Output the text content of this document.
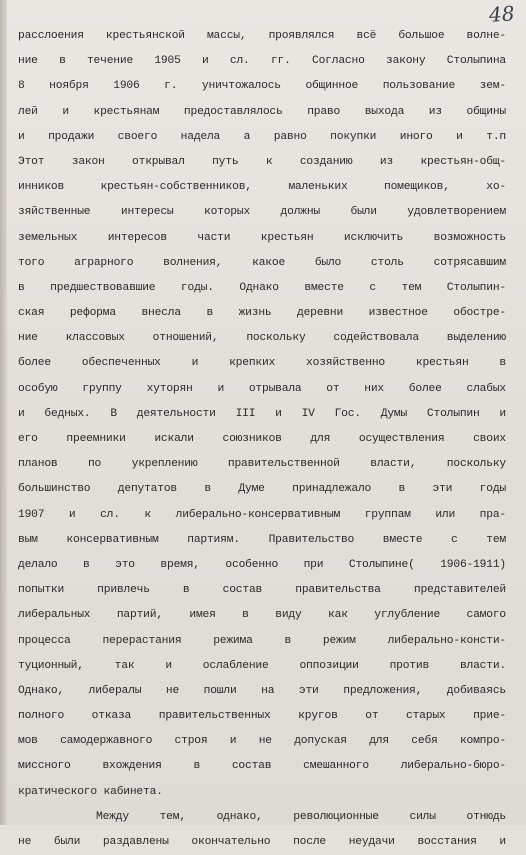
48
расслоения крестьянской массы, проявлялся всё большое волне-
ние в течение 1905 и сл. гг. Согласно закону Столыпина
8 ноября 1906 г. уничтожалось общинное пользование зем-
лей и крестьянам предоставлялось право выхода из общины
и продажи своего надела а равно покупки иного и т.п
Этот закон открывал путь к созданию из крестьян-общ-
инников крестьян-собственников, маленьких помещиков, хо-
зяйственные интересы которых должны были удовлетворением
земельных интересов части крестьян исключить возможность
того аграрного волнения, какое было столь сотрясавшим
в предшествовавшие годы. Однако вместе с тем Столыпин-
ская реформа внесла в жизнь деревни известное обостре-
ние классовых отношений, поскольку содействовала выделению
более обеспеченных и крепких хозяйственно крестьян в
особую группу хуторян и отрывала от них более слабых
и бедных. В деятельности III и IV Гос. Думы Столыпин и
его преемники искали союзников для осуществления своих
планов по укреплению правительственной власти, поскольку
большинство депутатов в Думе принадлежало в эти годы
1907 и сл. к либерально-консервативным группам или пра-
вым консервативным партиям. Правительство вместе с тем
делало в это время, особенно при Столыпине( 1906-1911)
попытки привлечь в состав правительства представителей
либеральных партий, имея в виду как углубление самого
процесса перерастания режима в режим либерально-консти-
туционный, так и ослабление оппозиции против власти.
Однако, либералы не пошли на эти предложения, добиваясь
полного отказа правительственных кругов от старых прие-
мов самодержавного строя и не допуская для себя компро-
миссного вхождения в состав смешанного либерально-бюро-
кратического кабинета.
Между тем, однако, революционные силы отнюдь
не были раздавлены окончательно после неудачи восстания и
